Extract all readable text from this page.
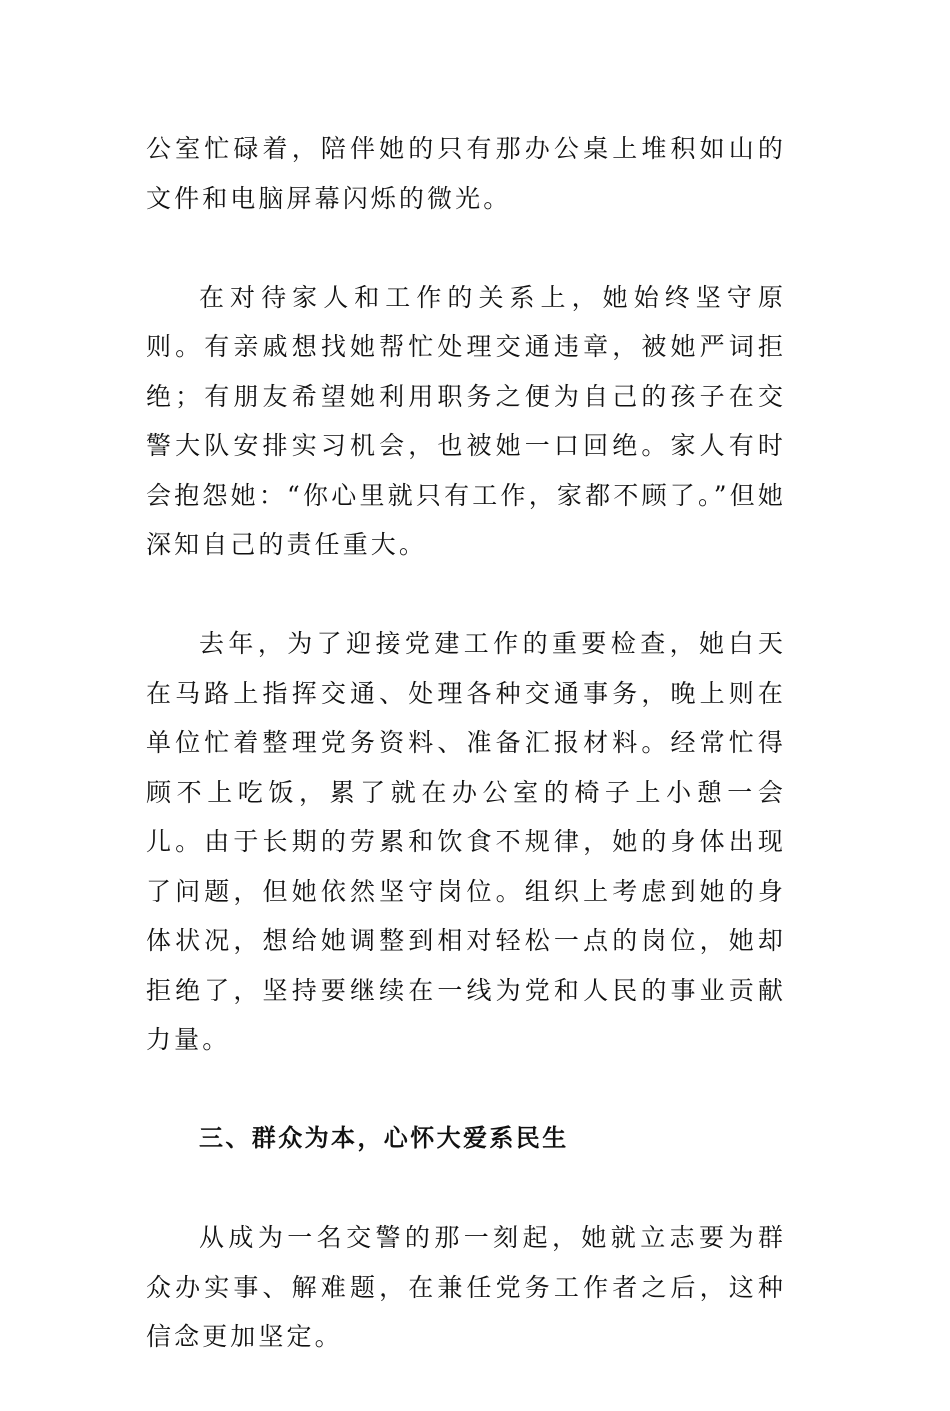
公室忙碌着，陪伴她的只有那办公桌上堆积如山的文件和电脑屏幕闪烁的微光。

在对待家人和工作的关系上，她始终坚守原则。有亲戚想找她帮忙处理交通违章，被她严词拒绝；有朋友希望她利用职务之便为自己的孩子在交警大队安排实习机会，也被她一口回绝。家人有时会抱怨她：“你心里就只有工作，家都不顾了。”但她深知自己的责任重大。

去年，为了迎接党建工作的重要检查，她白天在马路上指挥交通、处理各种交通事务，晚上则在单位忙着整理党务资料、准备汇报材料。经常忙得顾不上吃饭，累了就在办公室的椅子上小憩一会儿。由于长期的劳累和饮食不规律，她的身体出现了问题，但她依然坚守岗位。组织上考虑到她的身体状况，想给她调整到相对轻松一点的岗位，她却拒绝了，坚持要继续在一线为党和人民的事业贡献力量。

三、群众为本，心怀大爱系民生

从成为一名交警的那一刻起，她就立志要为群众办实事、解难题，在兼任党务工作者之后，这种信念更加坚定。
